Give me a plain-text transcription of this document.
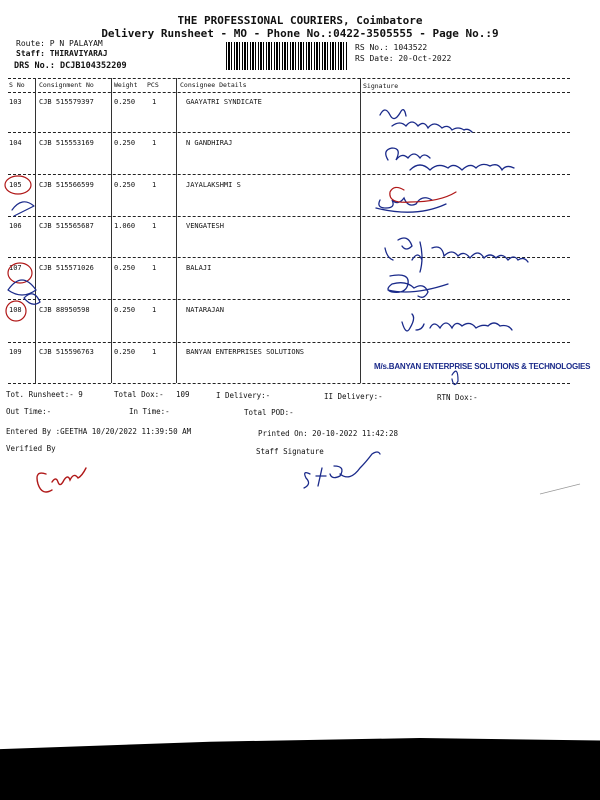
THE PROFESSIONAL COURIERS, Coimbatore
Delivery Runsheet - MO - Phone No.:0422-3505555 - Page No.:9
Route: P N PALAYAM
Staff: THIRAVIYARAJ
DRS No.: DCJB104352209
RS No.: 1043522
RS Date: 20-Oct-2022
S No Consignment No	Weight PCS	Consignee Details	Signature
103 CJB 515579397	0.250 1	GAAYATRI SYNDICATE
104 CJB 515553169	0.250 1	N GANDHIRAJ
105 CJB 515566599	0.250 1	JAYALAKSHMI S
106 CJB 515565687	1.060 1	VENGATESH
107 CJB 515571026	0.250 1	BALAJI
108 CJB 88950598	0.250 1	NATARAJAN
109 CJB 515596763	0.250 1	BANYAN ENTERPRISES SOLUTIONS
M/s.BANYAN ENTERPRISE SOLUTIONS & TECHNOLOGIES
Tot. Runsheet:- 9	Total Dox:- 109	I Delivery:-	II Delivery:-	RTN Dox:-
Out Time:-	In Time:-	Total POD:-
Entered By :GEETHA 10/20/2022 11:39:50 AM	Printed On: 20-10-2022 11:42:28
Verified By	Staff Signature
